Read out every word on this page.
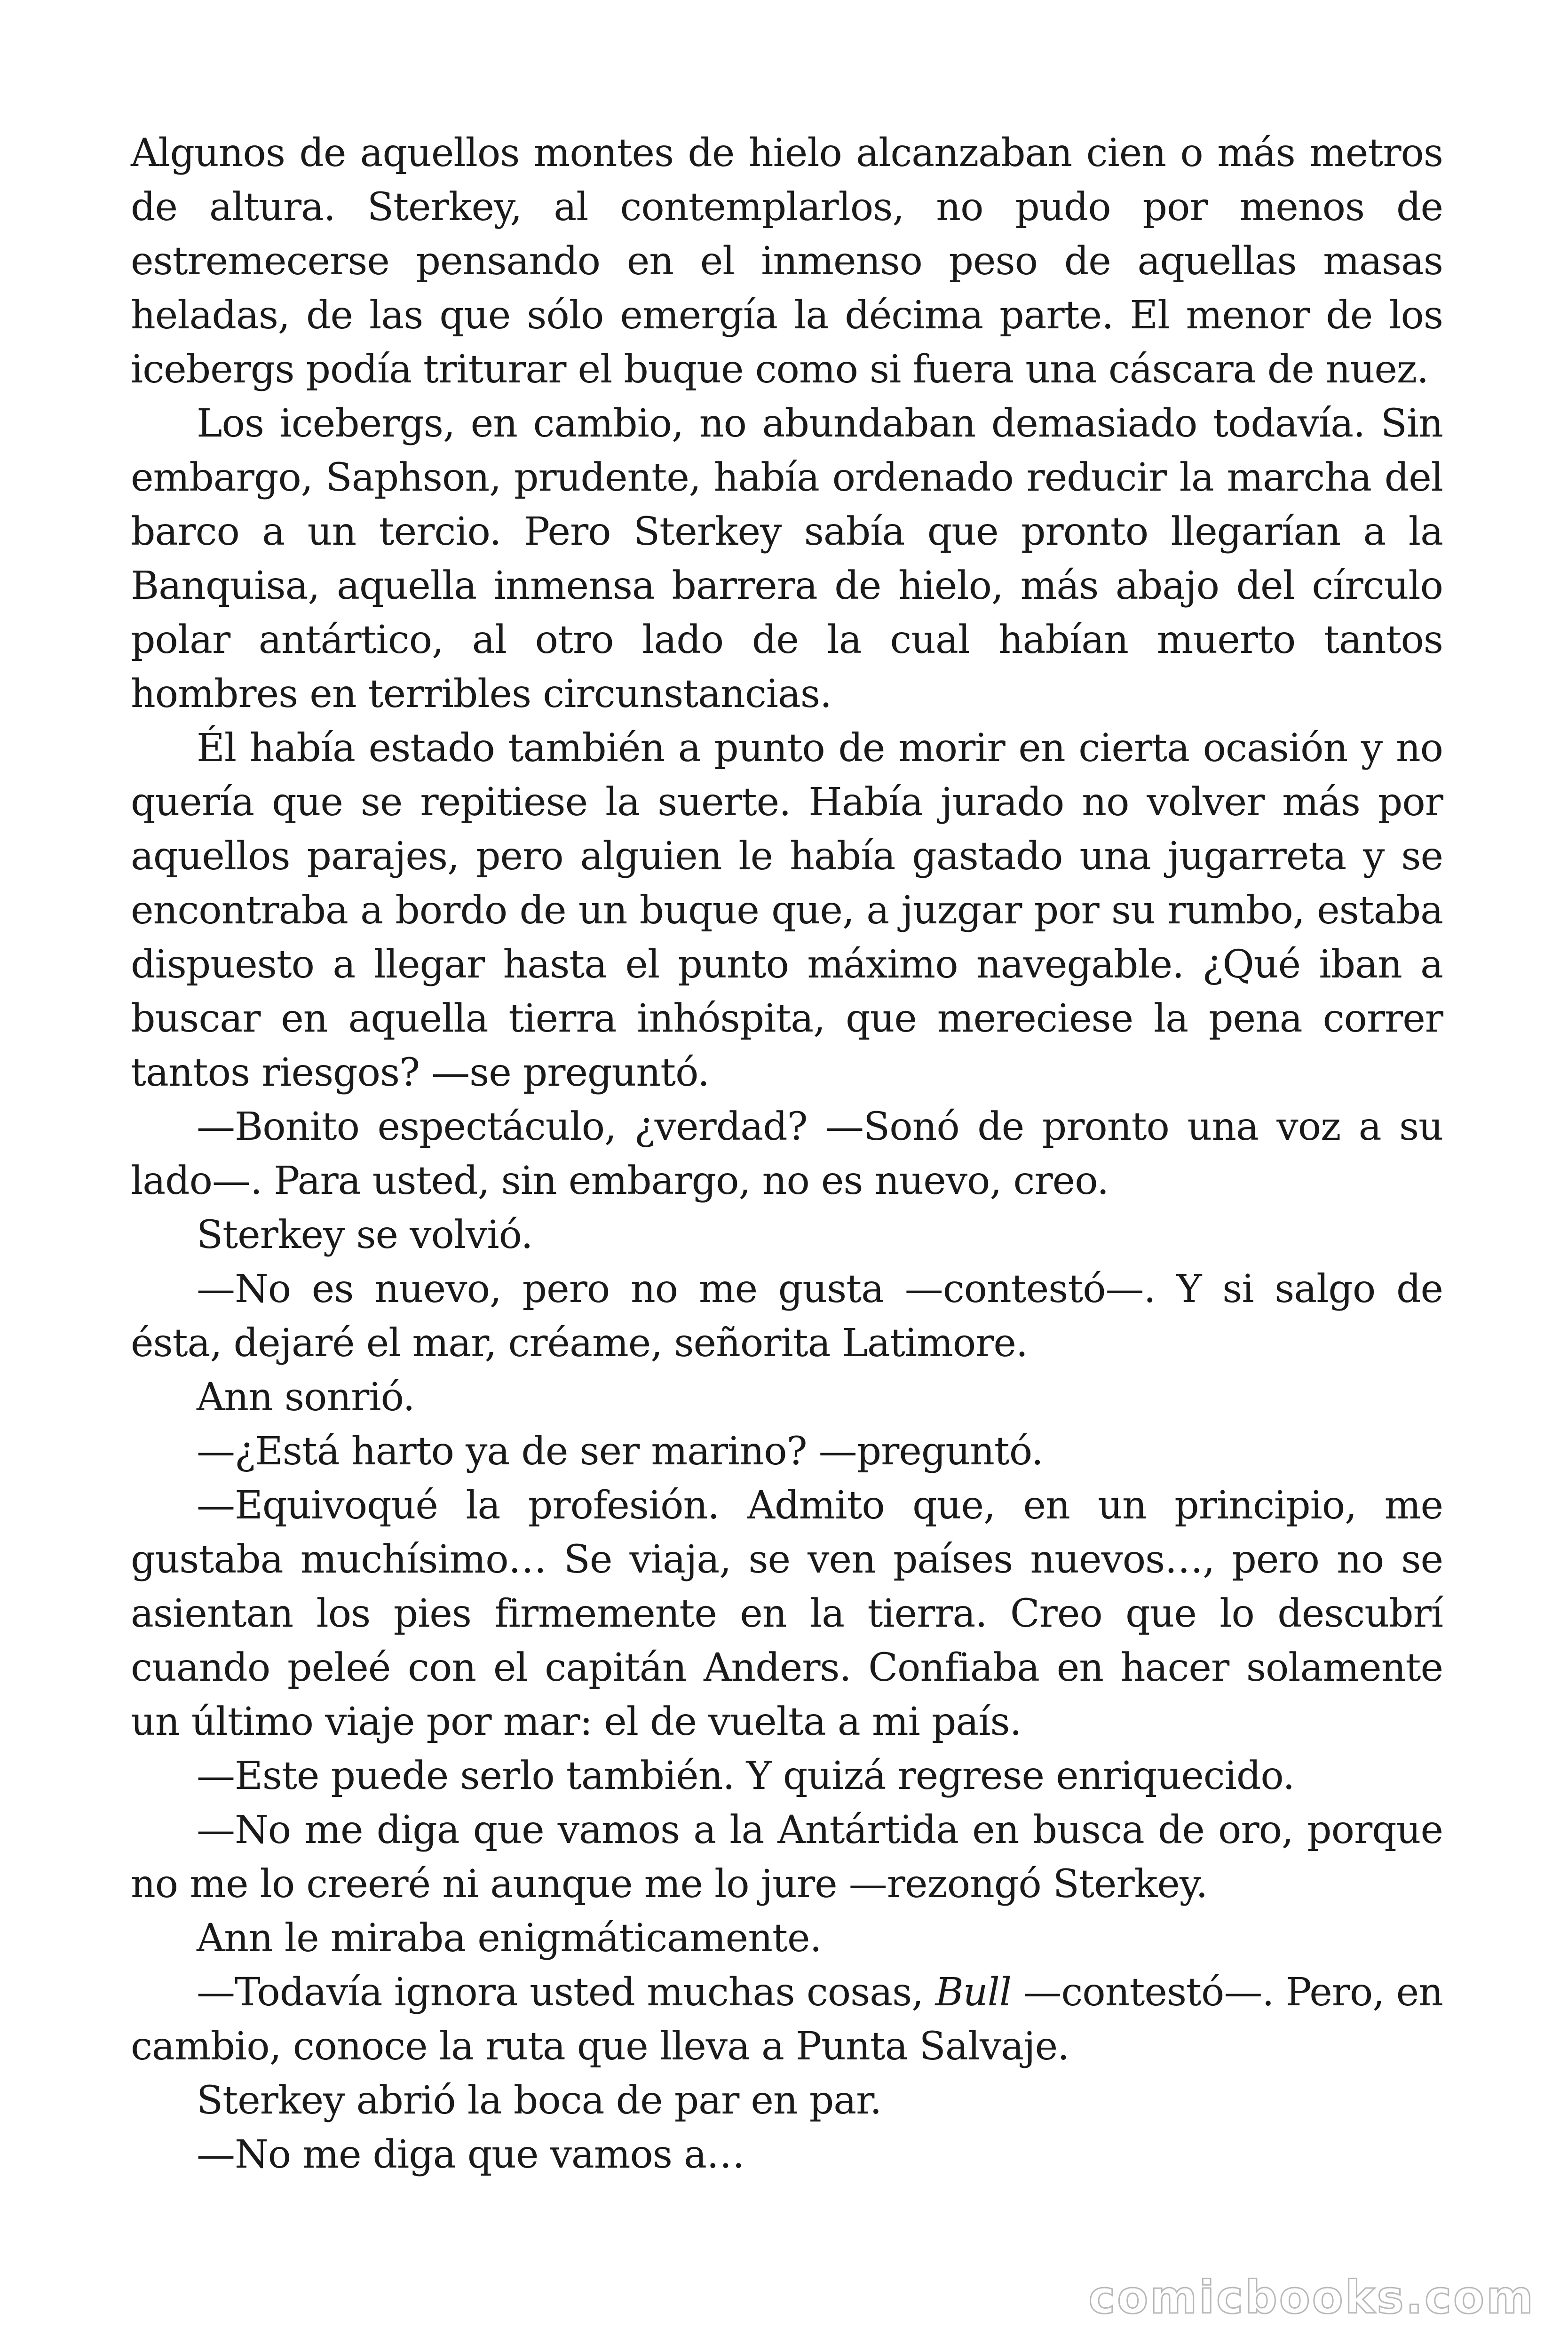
Algunos de aquellos montes de hielo alcanzaban cien o más metros de altura. Sterkey, al contemplarlos, no pudo por menos de estremecerse pensando en el inmenso peso de aquellas masas heladas, de las que sólo emergía la décima parte. El menor de los icebergs podía triturar el buque como si fuera una cáscara de nuez.

Los icebergs, en cambio, no abundaban demasiado todavía. Sin embargo, Saphson, prudente, había ordenado reducir la marcha del barco a un tercio. Pero Sterkey sabía que pronto llegarían a la Banquisa, aquella inmensa barrera de hielo, más abajo del círculo polar antártico, al otro lado de la cual habían muerto tantos hombres en terribles circunstancias.

Él había estado también a punto de morir en cierta ocasión y no quería que se repitiese la suerte. Había jurado no volver más por aquellos parajes, pero alguien le había gastado una jugarreta y se encontraba a bordo de un buque que, a juzgar por su rumbo, estaba dispuesto a llegar hasta el punto máximo navegable. ¿Qué iban a buscar en aquella tierra inhóspita, que mereciese la pena correr tantos riesgos? —se preguntó.

—Bonito espectáculo, ¿verdad? —Sonó de pronto una voz a su lado—. Para usted, sin embargo, no es nuevo, creo.

Sterkey se volvió.

—No es nuevo, pero no me gusta —contestó—. Y si salgo de ésta, dejaré el mar, créame, señorita Latimore.

Ann sonrió.

—¿Está harto ya de ser marino? —preguntó.

—Equivoqué la profesión. Admito que, en un principio, me gustaba muchísimo… Se viaja, se ven países nuevos…, pero no se asientan los pies firmemente en la tierra. Creo que lo descubrí cuando peleé con el capitán Anders. Confiaba en hacer solamente un último viaje por mar: el de vuelta a mi país.

—Este puede serlo también. Y quizá regrese enriquecido.

—No me diga que vamos a la Antártida en busca de oro, porque no me lo creeré ni aunque me lo jure —rezongó Sterkey.

Ann le miraba enigmáticamente.

—Todavía ignora usted muchas cosas, Bull —contestó—. Pero, en cambio, conoce la ruta que lleva a Punta Salvaje.

Sterkey abrió la boca de par en par.

—No me diga que vamos a…

comicbooks.com
